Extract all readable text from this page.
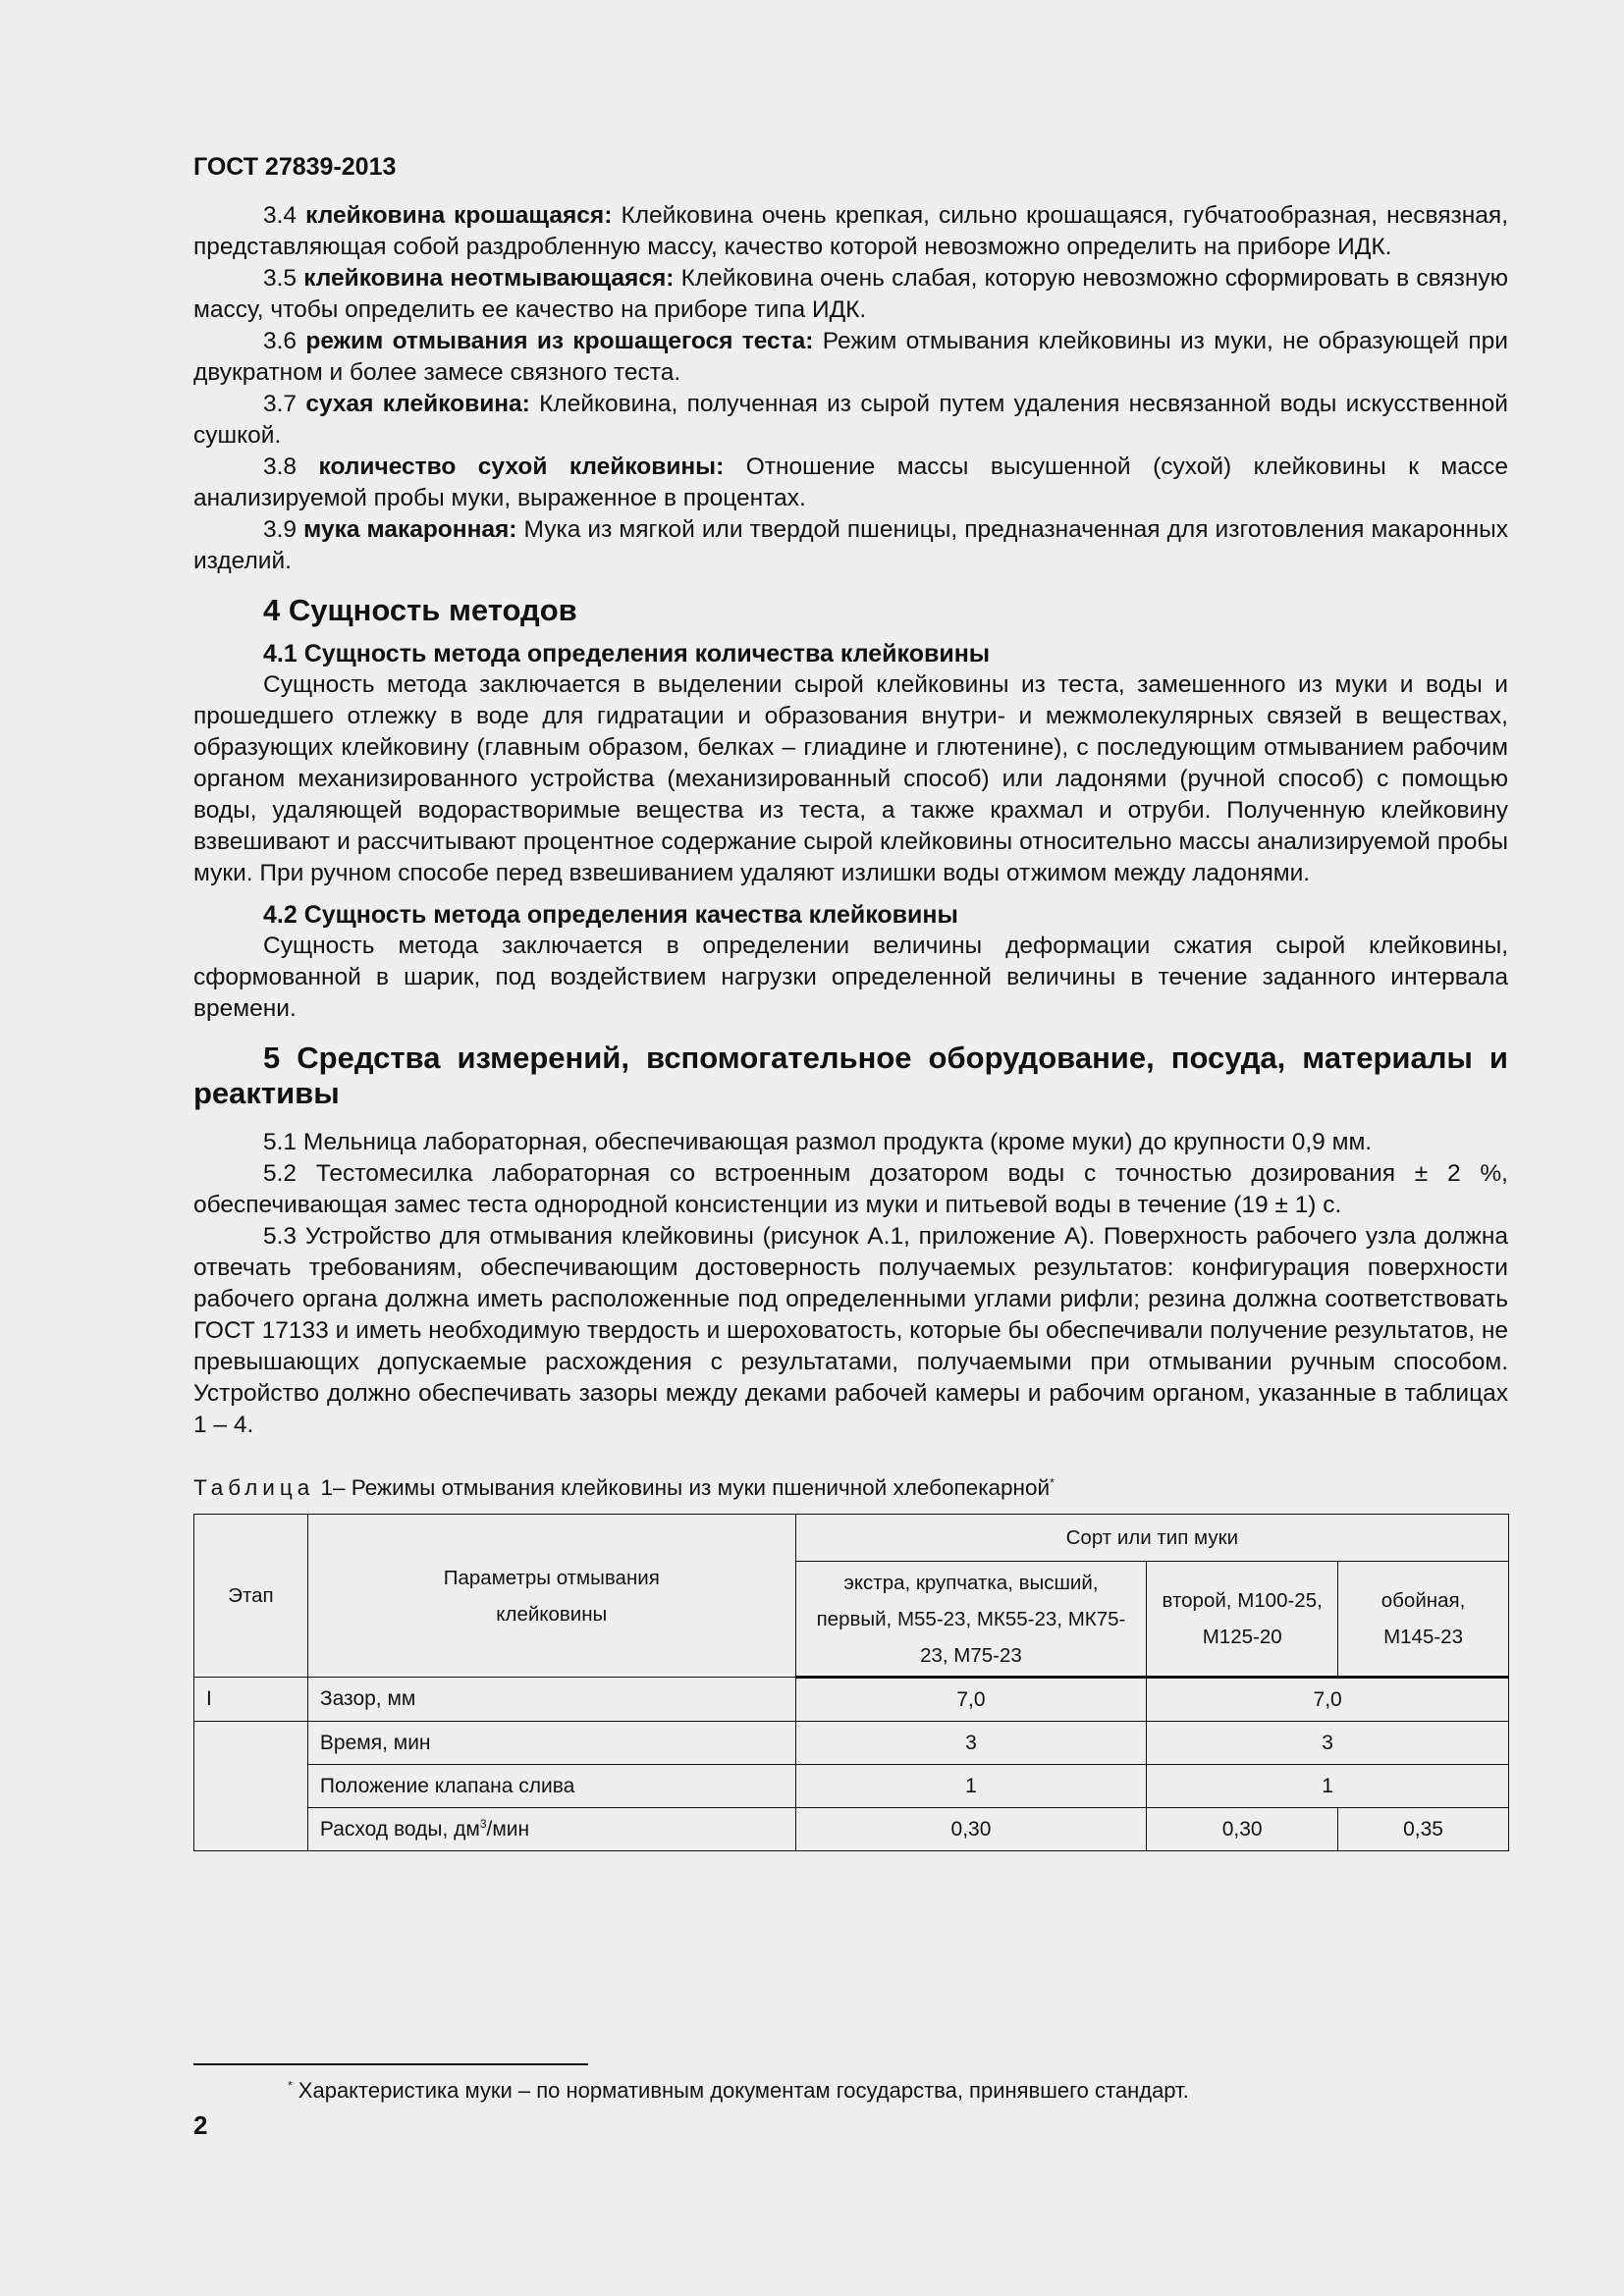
ГОСТ 27839-2013

3.4 клейковина крошащаяся: Клейковина очень крепкая, сильно крошащаяся, губчатообразная, несвязная, представляющая собой раздробленную массу, качество которой невозможно определить на приборе ИДК.

3.5 клейковина неотмывающаяся: Клейковина очень слабая, которую невозможно сформировать в связную массу, чтобы определить ее качество на приборе типа ИДК.

3.6 режим отмывания из крошащегося теста: Режим отмывания клейковины из муки, не образующей при двукратном и более замесе связного теста.

3.7 сухая клейковина: Клейковина, полученная из сырой путем удаления несвязанной воды искусственной сушкой.

3.8 количество сухой клейковины: Отношение массы высушенной (сухой) клейковины к массе анализируемой пробы муки, выраженное в процентах.

3.9 мука макаронная: Мука из мягкой или твердой пшеницы, предназначенная для изготовления макаронных изделий.

4 Сущность методов

4.1 Сущность метода определения количества клейковины

Сущность метода заключается в выделении сырой клейковины из теста, замешенного из муки и воды и прошедшего отлежку в воде для гидратации и образования внутри- и межмолекулярных связей в веществах, образующих клейковину (главным образом, белках – глиадине и глютенине), с последующим отмыванием рабочим органом механизированного устройства (механизированный способ) или ладонями (ручной способ) с помощью воды, удаляющей водорастворимые вещества из теста, а также крахмал и отруби. Полученную клейковину взвешивают и рассчитывают процентное содержание сырой клейковины относительно массы анализируемой пробы муки. При ручном способе перед взвешиванием удаляют излишки воды отжимом между ладонями.

4.2 Сущность метода определения качества клейковины

Сущность метода заключается в определении величины деформации сжатия сырой клейковины, сформованной в шарик, под воздействием нагрузки определенной величины в течение заданного интервала времени.

5 Средства измерений, вспомогательное оборудование, посуда, материалы и реактивы

5.1 Мельница лабораторная, обеспечивающая размол продукта (кроме муки) до крупности 0,9 мм.

5.2 Тестомесилка лабораторная со встроенным дозатором воды с точностью дозирования ± 2 %, обеспечивающая замес теста однородной консистенции из муки и питьевой воды в течение (19 ± 1) с.

5.3 Устройство для отмывания клейковины (рисунок А.1, приложение А). Поверхность рабочего узла должна отвечать требованиям, обеспечивающим достоверность получаемых результатов: конфигурация поверхности рабочего органа должна иметь расположенные под определенными углами рифли; резина должна соответствовать ГОСТ 17133 и иметь необходимую твердость и шероховатость, которые бы обеспечивали получение результатов, не превышающих допускаемые расхождения с результатами, получаемыми при отмывании ручным способом. Устройство должно обеспечивать зазоры между деками рабочей камеры и рабочим органом, указанные в таблицах 1 – 4.

Таблица 1– Режимы отмывания клейковины из муки пшеничной хлебопекарной*

Этап	Параметры отмывания клейковины	Сорт или тип муки		
		экстра, крупчатка, высший, первый, М55-23, МК55-23, МК75-23, М75-23	второй, М100-25, М125-20	обойная, М145-23
I	Зазор, мм	7,0	7,0	
	Время, мин	3	3	
	Положение клапана слива	1	1	
	Расход воды, $дм^3$/мин	0,30	0,30	0,35
* Характеристика муки – по нормативным документам государства, принявшего стандарт.
2
